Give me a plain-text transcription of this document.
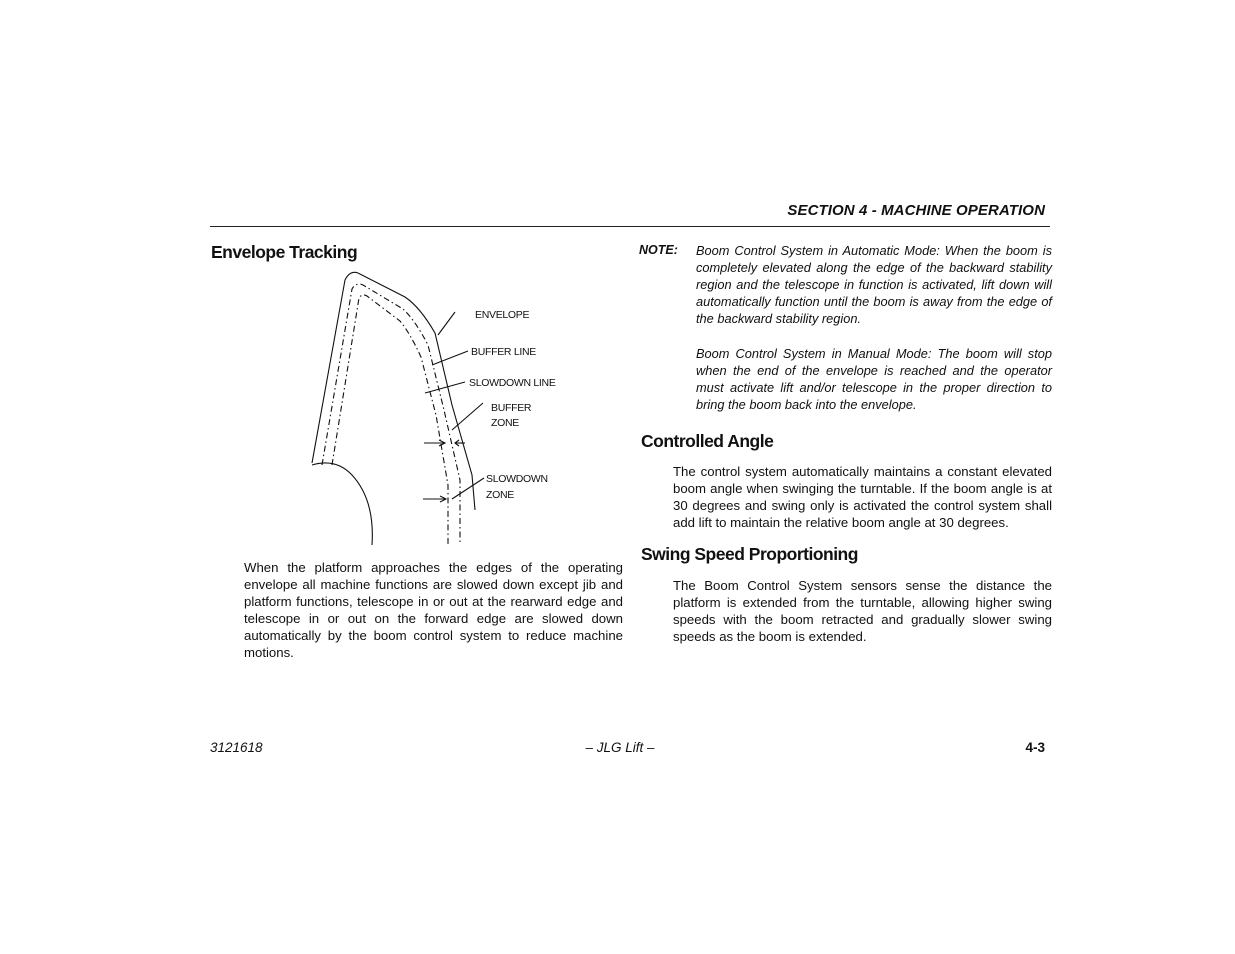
SECTION 4 - MACHINE OPERATION
Envelope Tracking
ENVELOPE
BUFFER LINE
SLOWDOWN LINE
BUFFER
ZONE
SLOWDOWN
ZONE

When the platform approaches the edges of the operating envelope all machine functions are slowed down except jib and platform functions, telescope in or out at the rearward edge and telescope in or out on the forward edge are slowed down automatically by the boom control system to reduce machine motions.

NOTE: Boom Control System in Automatic Mode: When the boom is completely elevated along the edge of the backward stability region and the telescope in function is activated, lift down will automatically function until the boom is away from the edge of the backward stability region.

Boom Control System in Manual Mode: The boom will stop when the end of the envelope is reached and the operator must activate lift and/or telescope in the proper direction to bring the boom back into the envelope.

Controlled Angle

The control system automatically maintains a constant elevated boom angle when swinging the turntable. If the boom angle is at 30 degrees and swing only is activated the control system shall add lift to maintain the relative boom angle at 30 degrees.

Swing Speed Proportioning

The Boom Control System sensors sense the distance the platform is extended from the turntable, allowing higher swing speeds with the boom retracted and gradually slower swing speeds as the boom is extended.

3121618	– JLG Lift –	4-3
